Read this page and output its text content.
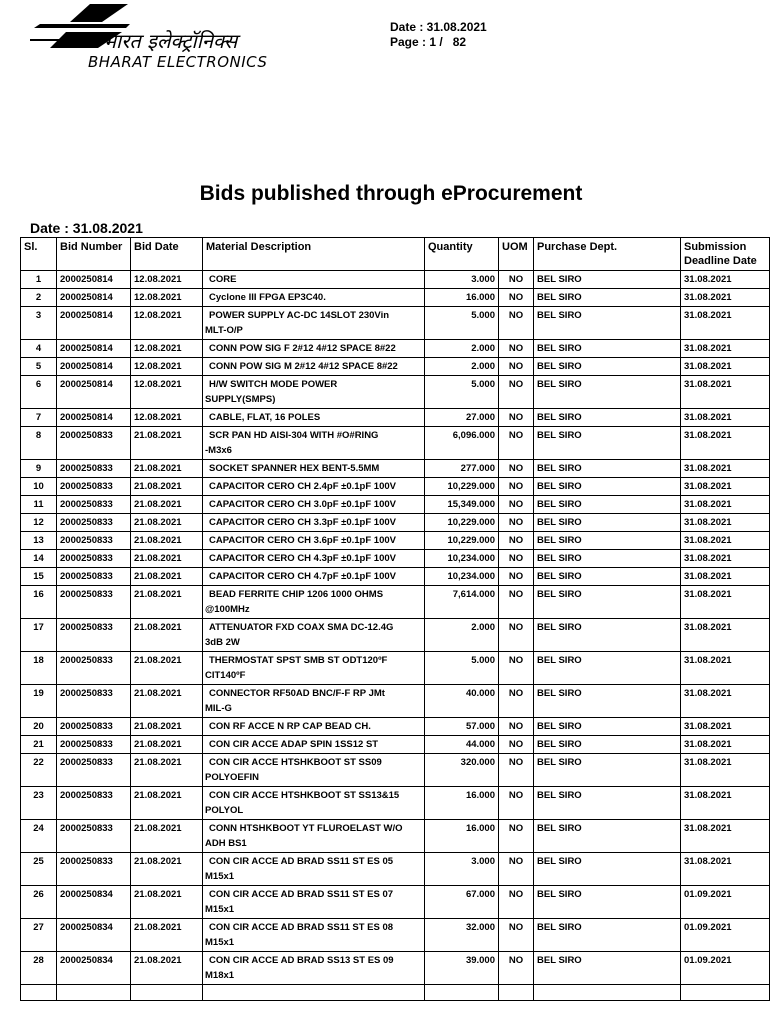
भारत इलेक्ट्रॉनिक्स
BHARAT ELECTRONICS
Date : 31.08.2021
Page : 1 /   82
Bids published through eProcurement
Date : 31.08.2021
Sl.	Bid Number	Bid Date	Material Description	Quantity	UOM	Purchase Dept.	Submission Deadline Date
1	2000250814	12.08.2021	CORE	3.000	NO	BEL SIRO	31.08.2021
2	2000250814	12.08.2021	Cyclone III FPGA EP3C40.	16.000	NO	BEL SIRO	31.08.2021
3	2000250814	12.08.2021	POWER SUPPLY AC-DC 14SLOT 230Vin
MLT-O/P	5.000	NO	BEL SIRO	31.08.2021
4	2000250814	12.08.2021	CONN POW SIG F 2#12 4#12 SPACE 8#22	2.000	NO	BEL SIRO	31.08.2021
5	2000250814	12.08.2021	CONN POW SIG M 2#12 4#12 SPACE 8#22	2.000	NO	BEL SIRO	31.08.2021
6	2000250814	12.08.2021	H/W SWITCH MODE POWER
SUPPLY(SMPS)	5.000	NO	BEL SIRO	31.08.2021
7	2000250814	12.08.2021	CABLE, FLAT, 16 POLES	27.000	NO	BEL SIRO	31.08.2021
8	2000250833	21.08.2021	SCR PAN HD AISI-304 WITH #O#RING
-M3x6	6,096.000	NO	BEL SIRO	31.08.2021
9	2000250833	21.08.2021	SOCKET SPANNER HEX BENT-5.5MM	277.000	NO	BEL SIRO	31.08.2021
10	2000250833	21.08.2021	CAPACITOR CERO CH 2.4pF ±0.1pF 100V	10,229.000	NO	BEL SIRO	31.08.2021
11	2000250833	21.08.2021	CAPACITOR CERO CH 3.0pF ±0.1pF 100V	15,349.000	NO	BEL SIRO	31.08.2021
12	2000250833	21.08.2021	CAPACITOR CERO CH 3.3pF ±0.1pF 100V	10,229.000	NO	BEL SIRO	31.08.2021
13	2000250833	21.08.2021	CAPACITOR CERO CH 3.6pF ±0.1pF 100V	10,229.000	NO	BEL SIRO	31.08.2021
14	2000250833	21.08.2021	CAPACITOR CERO CH 4.3pF ±0.1pF 100V	10,234.000	NO	BEL SIRO	31.08.2021
15	2000250833	21.08.2021	CAPACITOR CERO CH 4.7pF ±0.1pF 100V	10,234.000	NO	BEL SIRO	31.08.2021
16	2000250833	21.08.2021	BEAD FERRITE CHIP 1206 1000 OHMS
@100MHz	7,614.000	NO	BEL SIRO	31.08.2021
17	2000250833	21.08.2021	ATTENUATOR FXD COAX SMA DC-12.4G
3dB 2W	2.000	NO	BEL SIRO	31.08.2021
18	2000250833	21.08.2021	THERMOSTAT SPST SMB ST ODT120ºF
CIT140ºF	5.000	NO	BEL SIRO	31.08.2021
19	2000250833	21.08.2021	CONNECTOR RF50AD BNC/F-F RP JMt
MIL-G	40.000	NO	BEL SIRO	31.08.2021
20	2000250833	21.08.2021	CON RF ACCE N RP CAP BEAD CH.	57.000	NO	BEL SIRO	31.08.2021
21	2000250833	21.08.2021	CON CIR ACCE ADAP SPIN 1SS12 ST	44.000	NO	BEL SIRO	31.08.2021
22	2000250833	21.08.2021	CON CIR ACCE HTSHKBOOT ST SS09
POLYOEFIN	320.000	NO	BEL SIRO	31.08.2021
23	2000250833	21.08.2021	CON CIR ACCE HTSHKBOOT ST SS13&15
POLYOL	16.000	NO	BEL SIRO	31.08.2021
24	2000250833	21.08.2021	CONN HTSHKBOOT YT FLUROELAST W/O
ADH BS1	16.000	NO	BEL SIRO	31.08.2021
25	2000250833	21.08.2021	CON CIR ACCE AD BRAD SS11 ST ES 05
M15x1	3.000	NO	BEL SIRO	31.08.2021
26	2000250834	21.08.2021	CON CIR ACCE AD BRAD SS11 ST ES 07
M15x1	67.000	NO	BEL SIRO	01.09.2021
27	2000250834	21.08.2021	CON CIR ACCE AD BRAD SS11 ST ES 08
M15x1	32.000	NO	BEL SIRO	01.09.2021
28	2000250834	21.08.2021	CON CIR ACCE AD BRAD SS13 ST ES 09
M18x1	39.000	NO	BEL SIRO	01.09.2021
